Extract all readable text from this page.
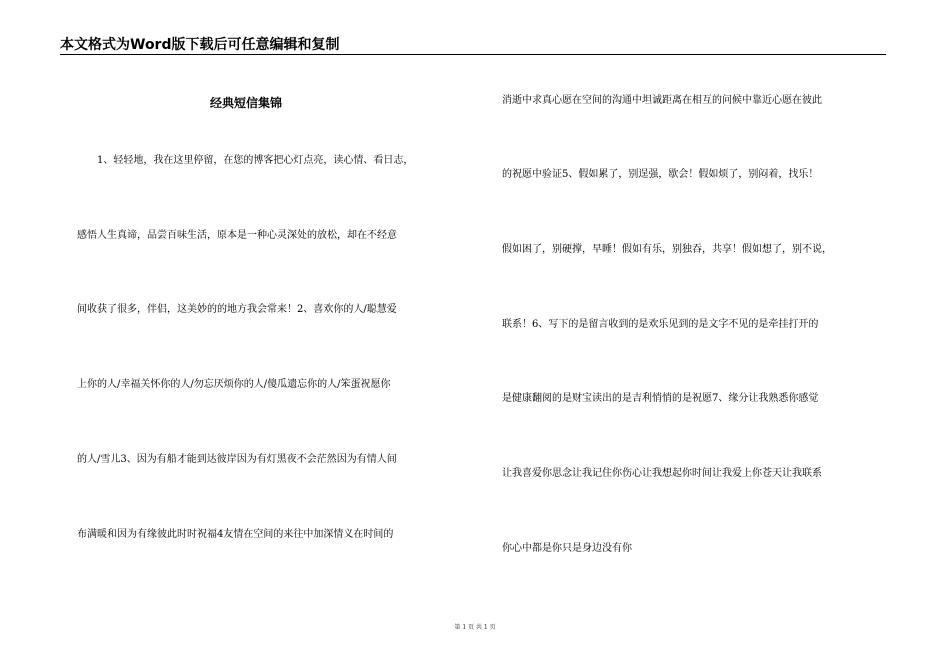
本文格式为Word版下载后可任意编辑和复制
经典短信集锦
1、轻轻地，我在这里停留，在您的博客把心灯点亮，读心情、看日志，
感悟人生真谛，品尝百味生活，原本是一种心灵深处的放松，却在不经意
间收获了很多，伴侣，这美妙的的地方我会常来！2、喜欢你的人/聪慧爱
上你的人/幸福关怀你的人/勿忘厌烦你的人/傻瓜遗忘你的人/笨蛋祝愿你
的人/雪儿3、因为有船才能到达彼岸因为有灯黑夜不会茫然因为有情人间
布满暖和因为有缘彼此时时祝福4友情在空间的来往中加深情义在时间的
消逝中求真心愿在空间的沟通中坦诚距离在相互的问候中靠近心愿在彼此
的祝愿中验证5、假如累了，别逞强，歇会！假如烦了，别闷着，找乐！
假如困了，别硬撑，早睡！假如有乐，别独吞，共享！假如想了，别不说，
联系！6、写下的是留言收到的是欢乐见到的是文字不见的是牵挂打开的
是健康翻阅的是财宝读出的是吉利悄悄的是祝愿7、缘分让我熟悉你感觉
让我喜爱你思念让我记住你伤心让我想起你时间让我爱上你苍天让我联系
你心中都是你只是身边没有你
第 1 页 共 1 页
